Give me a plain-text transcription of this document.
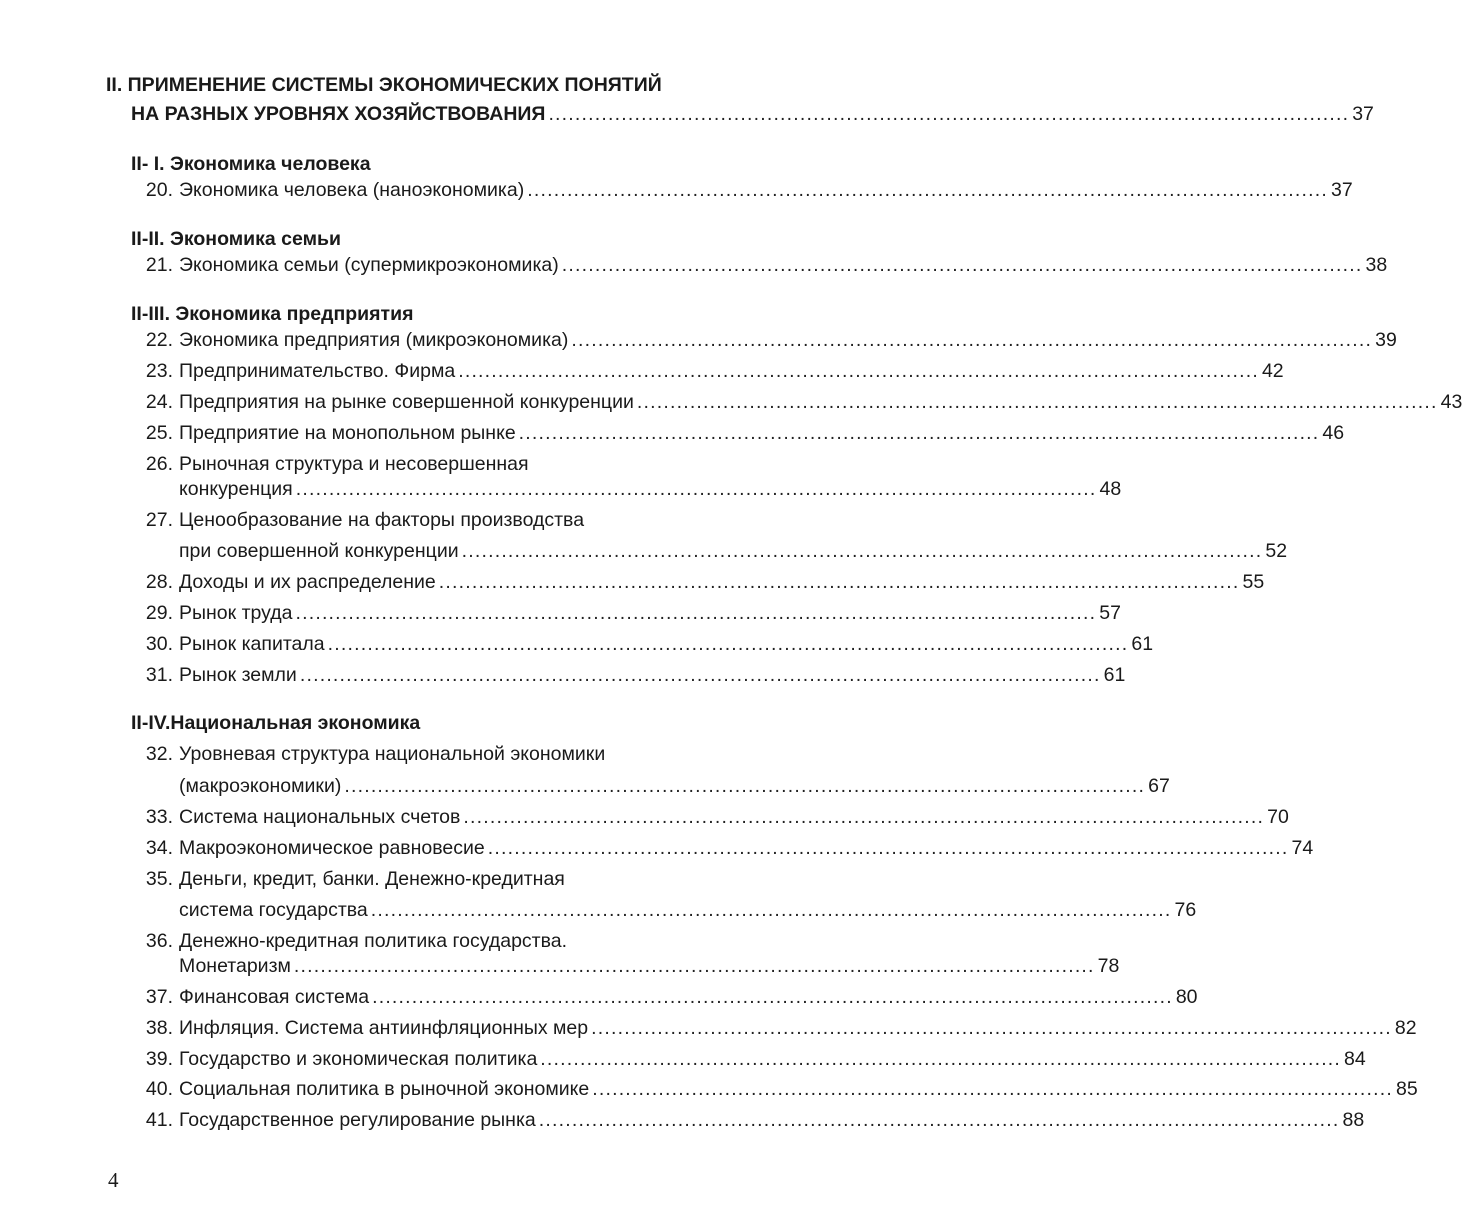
II. ПРИМЕНЕНИЕ СИСТЕМЫ ЭКОНОМИЧЕСКИХ ПОНЯТИЙ
НА РАЗНЫХ УРОВНЯХ ХОЗЯЙСТВОВАНИЯ ......................................................................................................................... 37
II- I. Экономика человека
20. Экономика человека (наноэкономика) ......................................................................................................................... 37
II-II. Экономика семьи
21. Экономика семьи (супермикроэкономика) ......................................................................................................................... 38
II-III. Экономика предприятия
22. Экономика предприятия (микроэкономика) ......................................................................................................................... 39
23. Предпринимательство. Фирма ......................................................................................................................... 42
24. Предприятия на рынке совершенной конкуренции ......................................................................................................................... 43
25. Предприятие на монопольном рынке ......................................................................................................................... 46
26. Рыночная структура и несовершенная
конкуренция ......................................................................................................................... 48
27. Ценообразование на факторы производства
при совершенной конкуренции ......................................................................................................................... 52
28. Доходы и их распределение ......................................................................................................................... 55
29. Рынок труда ......................................................................................................................... 57
30. Рынок капитала ......................................................................................................................... 61
31. Рынок земли ......................................................................................................................... 61
II-IV.Национальная экономика
32. Уровневая структура национальной экономики
(макроэкономики) ......................................................................................................................... 67
33. Система национальных счетов ......................................................................................................................... 70
34. Макроэкономическое равновесие ......................................................................................................................... 74
35. Деньги, кредит, банки. Денежно-кредитная
система государства ......................................................................................................................... 76
36. Денежно-кредитная политика государства.
Монетаризм ......................................................................................................................... 78
37. Финансовая система ......................................................................................................................... 80
38. Инфляция. Система антиинфляционных мер ......................................................................................................................... 82
39. Государство и экономическая политика ......................................................................................................................... 84
40. Социальная политика в рыночной экономике ......................................................................................................................... 85
41. Государственное регулирование рынка ......................................................................................................................... 88
4
